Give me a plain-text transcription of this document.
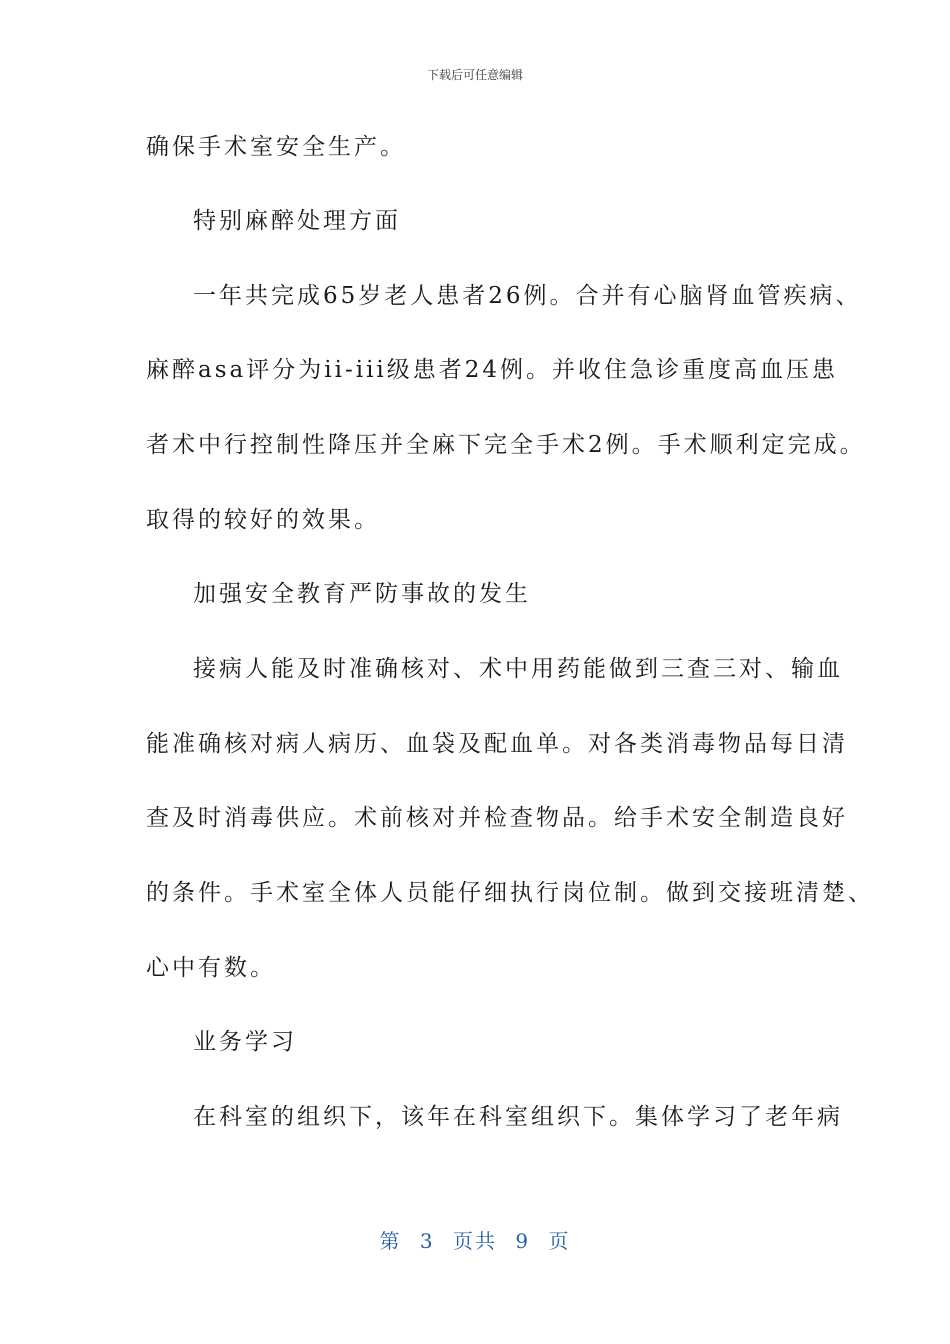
下载后可任意编辑
确保手术室安全生产。
特别麻醉处理方面
一年共完成65岁老人患者26例。合并有心脑肾血管疾病、
麻醉asa评分为ii-iii级患者24例。并收住急诊重度高血压患
者术中行控制性降压并全麻下完全手术2例。手术顺利定完成。
取得的较好的效果。
加强安全教育严防事故的发生
接病人能及时准确核对、术中用药能做到三查三对、输血
能准确核对病人病历、血袋及配血单。对各类消毒物品每日清
查及时消毒供应。术前核对并检查物品。给手术安全制造良好
的条件。手术室全体人员能仔细执行岗位制。做到交接班清楚、
心中有数。
业务学习
在科室的组织下，该年在科室组织下。集体学习了老年病
第 3 页共 9 页
